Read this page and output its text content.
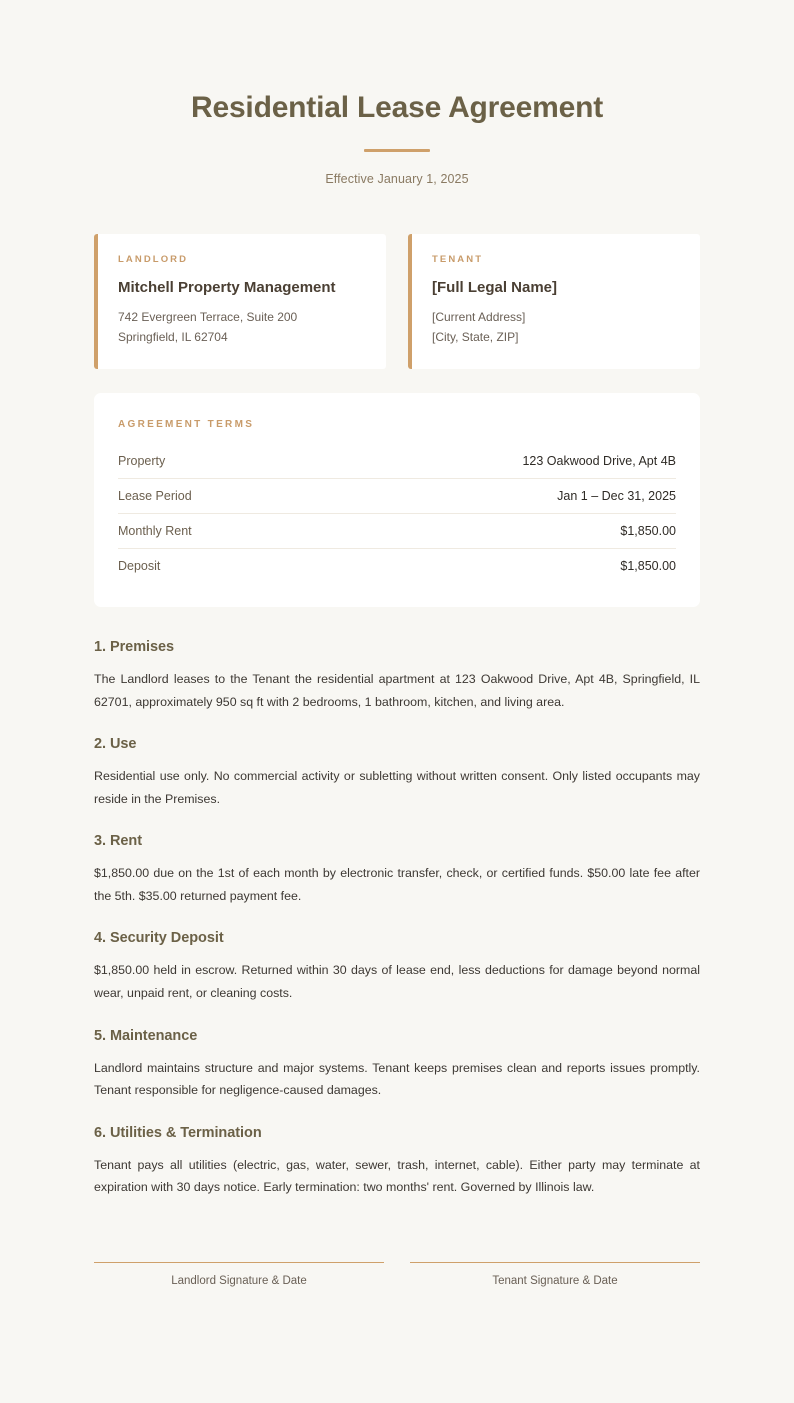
Residential Lease Agreement
Effective January 1, 2025
LANDLORD
Mitchell Property Management
742 Evergreen Terrace, Suite 200
Springfield, IL 62704
TENANT
[Full Legal Name]
[Current Address]
[City, State, ZIP]
AGREEMENT TERMS
Property	123 Oakwood Drive, Apt 4B
Lease Period	Jan 1 – Dec 31, 2025
Monthly Rent	$1,850.00
Deposit	$1,850.00
1. Premises

The Landlord leases to the Tenant the residential apartment at 123 Oakwood Drive, Apt 4B, Springfield, IL 62701, approximately 950 sq ft with 2 bedrooms, 1 bathroom, kitchen, and living area.

2. Use

Residential use only. No commercial activity or subletting without written consent. Only listed occupants may reside in the Premises.

3. Rent

$1,850.00 due on the 1st of each month by electronic transfer, check, or certified funds. $50.00 late fee after the 5th. $35.00 returned payment fee.

4. Security Deposit

$1,850.00 held in escrow. Returned within 30 days of lease end, less deductions for damage beyond normal wear, unpaid rent, or cleaning costs.

5. Maintenance

Landlord maintains structure and major systems. Tenant keeps premises clean and reports issues promptly. Tenant responsible for negligence-caused damages.

6. Utilities & Termination

Tenant pays all utilities (electric, gas, water, sewer, trash, internet, cable). Either party may terminate at expiration with 30 days notice. Early termination: two months' rent. Governed by Illinois law.

Landlord Signature & Date	Tenant Signature & Date
